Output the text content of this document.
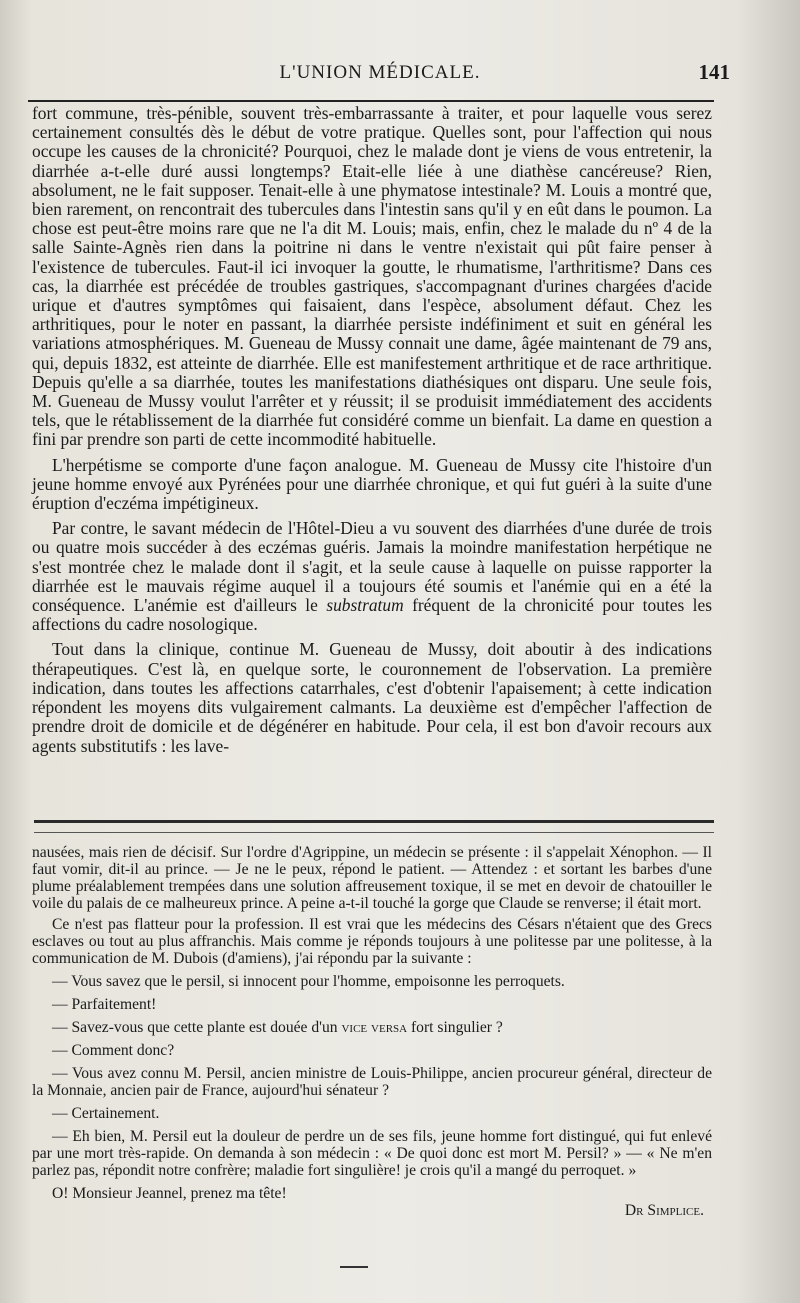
L'UNION MÉDICALE.	141

fort commune, très-pénible, souvent très-embarrassante à traiter, et pour laquelle vous serez certainement consultés dès le début de votre pratique. Quelles sont, pour l'affection qui nous occupe les causes de la chronicité? Pourquoi, chez le malade dont je viens de vous entretenir, la diarrhée a-t-elle duré aussi longtemps? Etait-elle liée à une diathèse cancéreuse? Rien, absolument, ne le fait supposer. Tenait-elle à une phymatose intestinale? M. Louis a montré que, bien rarement, on rencontrait des tubercules dans l'intestin sans qu'il y en eût dans le poumon. La chose est peut-être moins rare que ne l'a dit M. Louis; mais, enfin, chez le malade du nº 4 de la salle Sainte-Agnès rien dans la poitrine ni dans le ventre n'existait qui pût faire penser à l'existence de tubercules. Faut-il ici invoquer la goutte, le rhumatisme, l'arthritisme? Dans ces cas, la diarrhée est précédée de troubles gastriques, s'accompagnant d'urines chargées d'acide urique et d'autres symptômes qui faisaient, dans l'espèce, absolument défaut. Chez les arthritiques, pour le noter en passant, la diarrhée persiste indéfiniment et suit en général les variations atmosphériques. M. Gueneau de Mussy connait une dame, âgée maintenant de 79 ans, qui, depuis 1832, est atteinte de diarrhée. Elle est manifestement arthritique et de race arthritique. Depuis qu'elle a sa diarrhée, toutes les manifestations diathésiques ont disparu. Une seule fois, M. Gueneau de Mussy voulut l'arrêter et y réussit; il se produisit immédiatement des accidents tels, que le rétablissement de la diarrhée fut considéré comme un bienfait. La dame en question a fini par prendre son parti de cette incommodité habituelle.

L'herpétisme se comporte d'une façon analogue. M. Gueneau de Mussy cite l'histoire d'un jeune homme envoyé aux Pyrénées pour une diarrhée chronique, et qui fut guéri à la suite d'une éruption d'eczéma impétigineux.

Par contre, le savant médecin de l'Hôtel-Dieu a vu souvent des diarrhées d'une durée de trois ou quatre mois succéder à des eczémas guéris. Jamais la moindre manifestation herpétique ne s'est montrée chez le malade dont il s'agit, et la seule cause à laquelle on puisse rapporter la diarrhée est le mauvais régime auquel il a toujours été soumis et l'anémie qui en a été la conséquence. L'anémie est d'ailleurs le substratum fréquent de la chronicité pour toutes les affections du cadre nosologique.

Tout dans la clinique, continue M. Gueneau de Mussy, doit aboutir à des indications thérapeutiques. C'est là, en quelque sorte, le couronnement de l'observation. La première indication, dans toutes les affections catarrhales, c'est d'obtenir l'apaisement; à cette indication répondent les moyens dits vulgairement calmants. La deuxième est d'empêcher l'affection de prendre droit de domicile et de dégénérer en habitude. Pour cela, il est bon d'avoir recours aux agents substitutifs : les lave-

nausées, mais rien de décisif. Sur l'ordre d'Agrippine, un médecin se présente : il s'appelait Xénophon. — Il faut vomir, dit-il au prince. — Je ne le peux, répond le patient. — Attendez : et sortant les barbes d'une plume préalablement trempées dans une solution affreusement toxique, il se met en devoir de chatouiller le voile du palais de ce malheureux prince. A peine a-t-il touché la gorge que Claude se renverse; il était mort.

Ce n'est pas flatteur pour la profession. Il est vrai que les médecins des Césars n'étaient que des Grecs esclaves ou tout au plus affranchis. Mais comme je réponds toujours à une politesse par une politesse, à la communication de M. Dubois (d'amiens), j'ai répondu par la suivante :

— Vous savez que le persil, si innocent pour l'homme, empoisonne les perroquets.

— Parfaitement!

— Savez-vous que cette plante est douée d'un vice versa fort singulier ?

— Comment donc?

— Vous avez connu M. Persil, ancien ministre de Louis-Philippe, ancien procureur général, directeur de la Monnaie, ancien pair de France, aujourd'hui sénateur ?

— Certainement.

— Eh bien, M. Persil eut la douleur de perdre un de ses fils, jeune homme fort distingué, qui fut enlevé par une mort très-rapide. On demanda à son médecin : « De quoi donc est mort M. Persil? » — « Ne m'en parlez pas, répondit notre confrère; maladie fort singulière! je crois qu'il a mangé du perroquet. »

O! Monsieur Jeannel, prenez ma tête!

Dr Simplice.
